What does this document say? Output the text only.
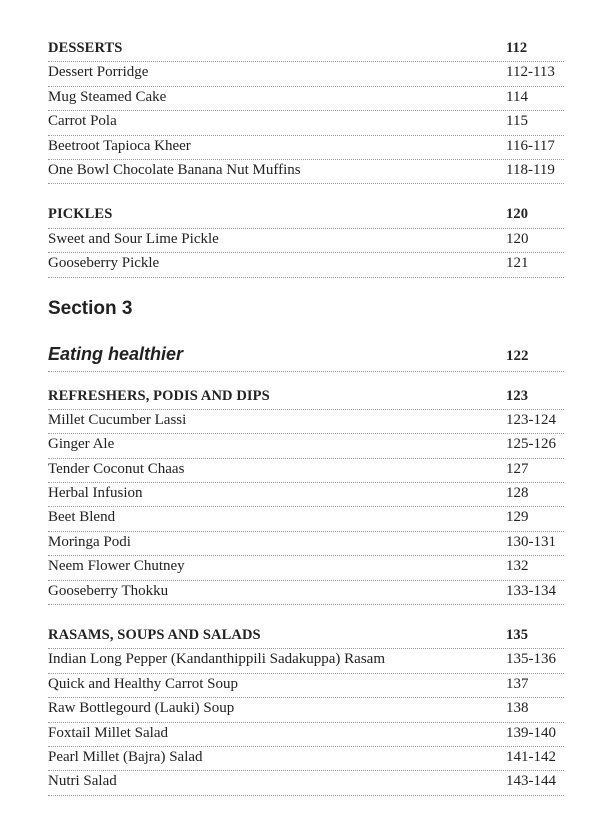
DESSERTS	112
Dessert Porridge	112-113
Mug Steamed Cake	114
Carrot Pola	115
Beetroot Tapioca Kheer	116-117
One Bowl Chocolate Banana Nut Muffins	118-119
PICKLES	120
Sweet and Sour Lime Pickle	120
Gooseberry Pickle	121
Section 3
Eating healthier	122
REFRESHERS, PODIS AND DIPS	123
Millet Cucumber Lassi	123-124
Ginger Ale	125-126
Tender Coconut Chaas	127
Herbal Infusion	128
Beet Blend	129
Moringa Podi	130-131
Neem Flower Chutney	132
Gooseberry Thokku	133-134
RASAMS, SOUPS AND SALADS	135
Indian Long Pepper (Kandanthippili Sadakuppa) Rasam	135-136
Quick and Healthy Carrot Soup	137
Raw Bottlegourd (Lauki) Soup	138
Foxtail Millet Salad	139-140
Pearl Millet (Bajra) Salad	141-142
Nutri Salad	143-144
